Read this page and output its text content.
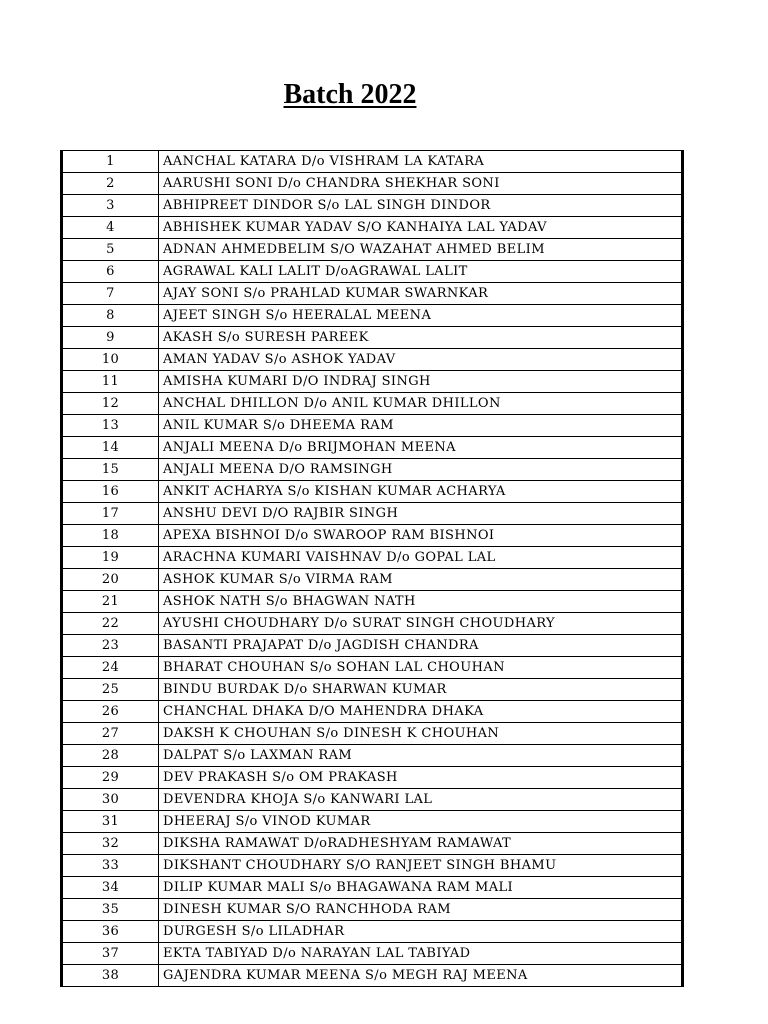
Batch 2022
1	AANCHAL KATARA D/o VISHRAM LA KATARA
2	AARUSHI SONI D/o CHANDRA SHEKHAR SONI
3	ABHIPREET DINDOR S/o LAL SINGH DINDOR
4	ABHISHEK KUMAR YADAV S/O KANHAIYA LAL YADAV
5	ADNAN AHMEDBELIM S/O WAZAHAT AHMED BELIM
6	AGRAWAL KALI LALIT D/oAGRAWAL LALIT
7	AJAY SONI S/o PRAHLAD KUMAR SWARNKAR
8	AJEET SINGH S/o HEERALAL MEENA
9	AKASH S/o SURESH PAREEK
10	AMAN YADAV S/o ASHOK YADAV
11	AMISHA KUMARI D/O INDRAJ SINGH
12	ANCHAL DHILLON D/o ANIL KUMAR DHILLON
13	ANIL KUMAR S/o DHEEMA RAM
14	ANJALI MEENA D/o BRIJMOHAN MEENA
15	ANJALI MEENA D/O RAMSINGH
16	ANKIT ACHARYA S/o KISHAN KUMAR ACHARYA
17	ANSHU DEVI D/O RAJBIR SINGH
18	APEXA BISHNOI D/o SWAROOP RAM BISHNOI
19	ARACHNA KUMARI VAISHNAV D/o GOPAL LAL
20	ASHOK KUMAR S/o VIRMA RAM
21	ASHOK NATH S/o BHAGWAN NATH
22	AYUSHI CHOUDHARY D/o SURAT SINGH CHOUDHARY
23	BASANTI PRAJAPAT D/o JAGDISH CHANDRA
24	BHARAT CHOUHAN S/o SOHAN LAL CHOUHAN
25	BINDU BURDAK D/o SHARWAN KUMAR
26	CHANCHAL DHAKA D/O MAHENDRA DHAKA
27	DAKSH K CHOUHAN S/o DINESH K CHOUHAN
28	DALPAT S/o LAXMAN RAM
29	DEV PRAKASH S/o OM PRAKASH
30	DEVENDRA KHOJA S/o KANWARI LAL
31	DHEERAJ S/o VINOD KUMAR
32	DIKSHA RAMAWAT D/oRADHESHYAM RAMAWAT
33	DIKSHANT CHOUDHARY S/O RANJEET SINGH BHAMU
34	DILIP KUMAR MALI S/o BHAGAWANA RAM MALI
35	DINESH KUMAR S/O RANCHHODA RAM
36	DURGESH S/o LILADHAR
37	EKTA TABIYAD D/o NARAYAN LAL TABIYAD
38	GAJENDRA KUMAR MEENA S/o MEGH RAJ MEENA
